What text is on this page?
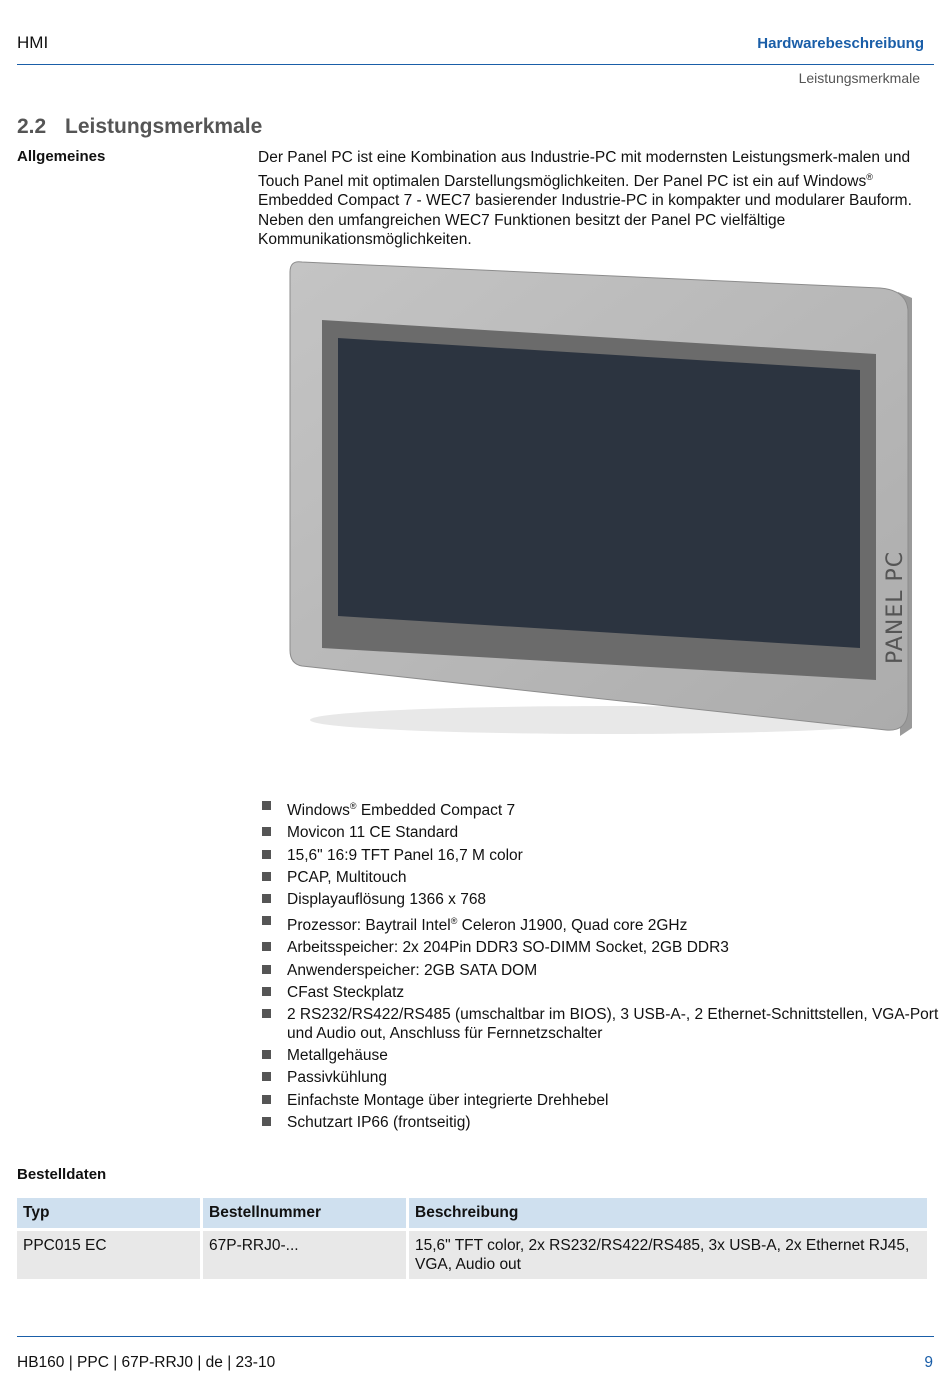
HMI	Hardwarebeschreibung
Leistungsmerkmale
2.2 Leistungsmerkmale
Allgemeines	Der Panel PC ist eine Kombination aus Industrie-PC mit modernsten Leistungsmerk-malen und Touch Panel mit optimalen Darstellungsmöglichkeiten. Der Panel PC ist ein auf Windows® Embedded Compact 7 - WEC7 basierender Industrie-PC in kompakter und modularer Bauform. Neben den umfangreichen WEC7 Funktionen besitzt der Panel PC vielfältige Kommunikationsmöglichkeiten.
PANEL PC
Windows® Embedded Compact 7
Movicon 11 CE Standard
15,6" 16:9 TFT Panel 16,7 M color
PCAP, Multitouch
Displayauflösung 1366 x 768
Prozessor: Baytrail Intel® Celeron J1900, Quad core 2GHz
Arbeitsspeicher: 2x 204Pin DDR3 SO-DIMM Socket, 2GB DDR3
Anwenderspeicher: 2GB SATA DOM
CFast Steckplatz
2 RS232/RS422/RS485 (umschaltbar im BIOS), 3 USB-A-, 2 Ethernet-Schnittstellen, VGA-Port und Audio out, Anschluss für Fernnetzschalter
Metallgehäuse
Passivkühlung
Einfachste Montage über integrierte Drehhebel
Schutzart IP66 (frontseitig)
Bestelldaten
Typ	Bestellnummer	Beschreibung
PPC015 EC	67P-RRJ0-...	15,6" TFT color, 2x RS232/RS422/RS485, 3x USB-A, 2x Ethernet RJ45, VGA, Audio out
HB160 | PPC | 67P-RRJ0 | de | 23-10	9
